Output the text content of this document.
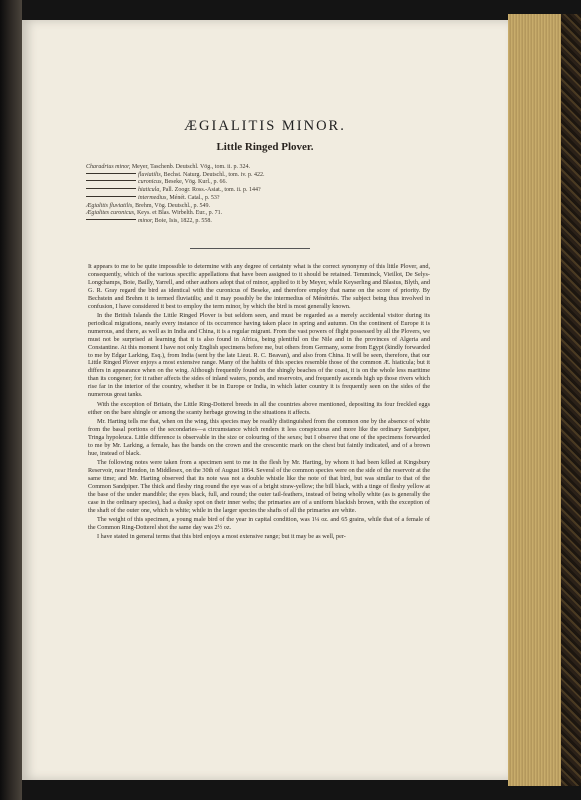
ÆGIALITIS MINOR.
Little Ringed Plover.
Charadrius minor, Meyer, Taschenb. Deutschl. Vög., tom. ii. p. 324.
fluviatilis, Bechst. Naturg. Deutschl., tom. iv. p. 422.
curonicus, Beseke, Vög. Kurl., p. 66.
hiaticula, Pall. Zoogr. Ross.-Asiat., tom. ii. p. 144?
intermedius, Ménét. Catal., p. 53?
Ægialitis fluviatilis, Brehm, Vög. Deutschl., p. 549.
Ægialites curonicus, Keys. et Blas. Wirbelth. Eur., p. 71.
minor, Boie, Isis, 1822, p. 558.

It appears to me to be quite impossible to determine with any degree of certainty what is the correct synonymy of this little Plover, and, consequently, which of the various specific appellations that have been assigned to it should be retained. Temminck, Vieillot, De Selys-Longchamps, Boie, Bailly, Yarrell, and other authors adopt that of minor, applied to it by Meyer, while Keyserling and Blasius, Blyth, and G. R. Gray regard the bird as identical with the curonicus of Beseke, and therefore employ that name on the score of priority. By Bechstein and Brehm it is termed fluviatilis; and it may possibly be the intermedius of Ménétriés. The subject being thus involved in confusion, I have considered it best to employ the term minor, by which the bird is most generally known.

In the British Islands the Little Ringed Plover is but seldom seen, and must be regarded as a merely accidental visitor during its periodical migrations, nearly every instance of its occurrence having taken place in spring and autumn. On the continent of Europe it is numerous, and there, as well as in India and China, it is a regular migrant. From the vast powers of flight possessed by all the Plovers, we must not be surprised at learning that it is also found in Africa, being plentiful on the Nile and in the provinces of Algeria and Constantine. At this moment I have not only English specimens before me, but others from Germany, some from Egypt (kindly forwarded to me by Edgar Larking, Esq.), from India (sent by the late Lieut. R. C. Beavan), and also from China. It will be seen, therefore, that our Little Ringed Plover enjoys a most extensive range. Many of the habits of this species resemble those of the common Æ. hiaticula; but it differs in appearance when on the wing. Although frequently found on the shingly beaches of the coast, it is on the whole less maritime than its congener; for it rather affects the sides of inland waters, ponds, and reservoirs, and frequently ascends high up those rivers which rise far in the interior of the country, whether it be in Europe or India, in which latter country it is frequently seen on the sides of the numerous great tanks.

With the exception of Britain, the Little Ring-Dotterel breeds in all the countries above mentioned, depositing its four freckled eggs either on the bare shingle or among the scanty herbage growing in the situations it affects.

Mr. Harting tells me that, when on the wing, this species may be readily distinguished from the common one by the absence of white from the basal portions of the secondaries—a circumstance which renders it less conspicuous and more like the ordinary Sandpiper, Tringa hypoleuca. Little difference is observable in the size or colouring of the sexes; but I observe that one of the specimens forwarded to me by Mr. Larking, a female, has the bands on the crown and the crescentic mark on the chest but faintly indicated, and of a brown hue, instead of black.

The following notes were taken from a specimen sent to me in the flesh by Mr. Harting, by whom it had been killed at Kingsbury Reservoir, near Hendon, in Middlesex, on the 30th of August 1864. Several of the common species were on the side of the reservoir at the same time; and Mr. Harting observed that its note was not a double whistle like the note of that bird, but was similar to that of the Common Sandpiper. The thick and fleshy ring round the eye was of a bright straw-yellow; the bill black, with a tinge of fleshy yellow at the base of the under mandible; the eyes black, full, and round; the outer tail-feathers, instead of being wholly white (as is generally the case in the ordinary species), had a dusky spot on their inner webs; the primaries are of a uniform blackish brown, with the exception of the shaft of the outer one, which is white; while in the larger species the shafts of all the primaries are white.

The weight of this specimen, a young male bird of the year in capital condition, was 1¼ oz. and 65 grains, while that of a female of the Common Ring-Dotterel shot the same day was 2½ oz.

I have stated in general terms that this bird enjoys a most extensive range; but it may be as well, per-
